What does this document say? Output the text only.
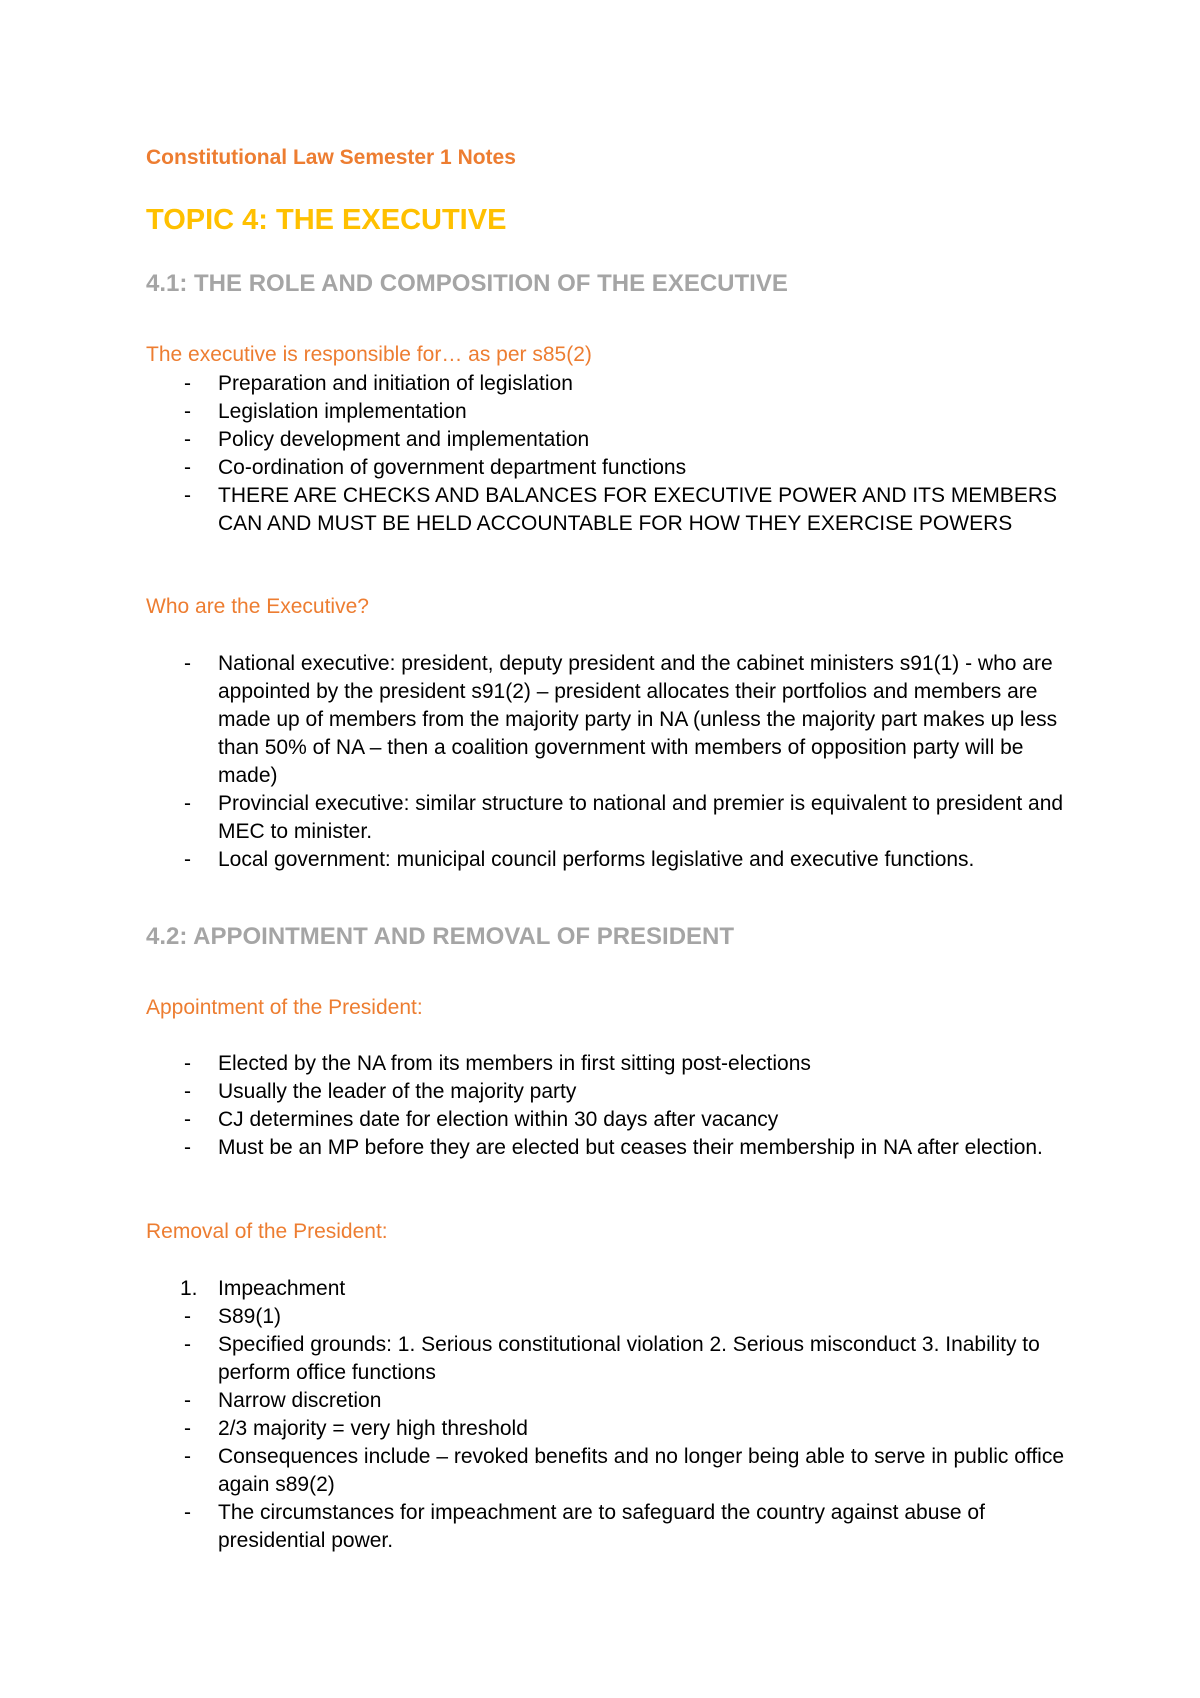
Constitutional Law Semester 1 Notes
TOPIC 4: THE EXECUTIVE
4.1: THE ROLE AND COMPOSITION OF THE EXECUTIVE
The executive is responsible for… as per s85(2)
- Preparation and initiation of legislation
- Legislation implementation
- Policy development and implementation
- Co-ordination of government department functions
- THERE ARE CHECKS AND BALANCES FOR EXECUTIVE POWER AND ITS MEMBERS CAN AND MUST BE HELD ACCOUNTABLE FOR HOW THEY EXERCISE POWERS
Who are the Executive?
- National executive: president, deputy president and the cabinet ministers s91(1) - who are appointed by the president s91(2) – president allocates their portfolios and members are made up of members from the majority party in NA (unless the majority part makes up less than 50% of NA – then a coalition government with members of opposition party will be made)
- Provincial executive: similar structure to national and premier is equivalent to president and MEC to minister.
- Local government: municipal council performs legislative and executive functions.
4.2: APPOINTMENT AND REMOVAL OF PRESIDENT
Appointment of the President:
- Elected by the NA from its members in first sitting post-elections
- Usually the leader of the majority party
- CJ determines date for election within 30 days after vacancy
- Must be an MP before they are elected but ceases their membership in NA after election.
Removal of the President:
1. Impeachment
- S89(1)
- Specified grounds: 1. Serious constitutional violation 2. Serious misconduct 3. Inability to perform office functions
- Narrow discretion
- 2/3 majority = very high threshold
- Consequences include – revoked benefits and no longer being able to serve in public office again s89(2)
- The circumstances for impeachment are to safeguard the country against abuse of presidential power.
